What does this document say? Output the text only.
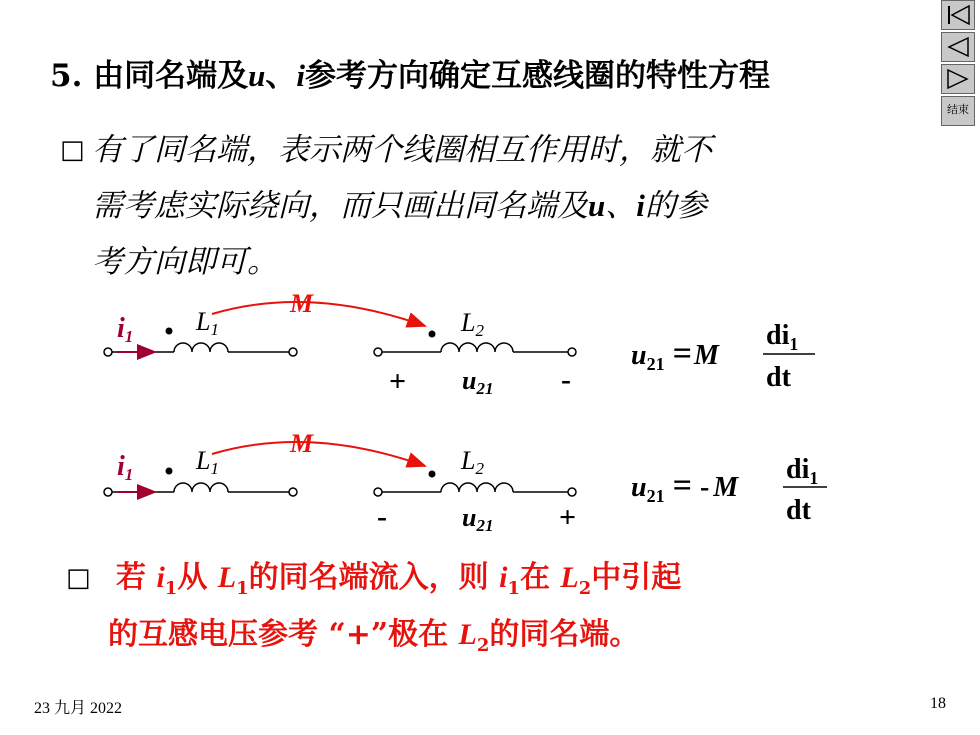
5. 由同名端及u、i参考方向确定互感线圈的特性方程
□ 有了同名端，表示两个线圈相互作用时，就不
需考虑实际绕向，而只画出同名端及u、i的参
考方向即可。
i1
L1
M
L2
+ u21 -
$u_{21} =M$
$di_1$
dt
i1 L1
M
L2
-	u21 +
$u_{21}$ = - M
$di_1$
dt
□ 若 $i_1$从 $L_1$的同名端流入，则 $i_1$在 $L_2$中引起
的互感电压参考 “+”极在 $L_2$的同名端。
23 九月 2022	18
结束
